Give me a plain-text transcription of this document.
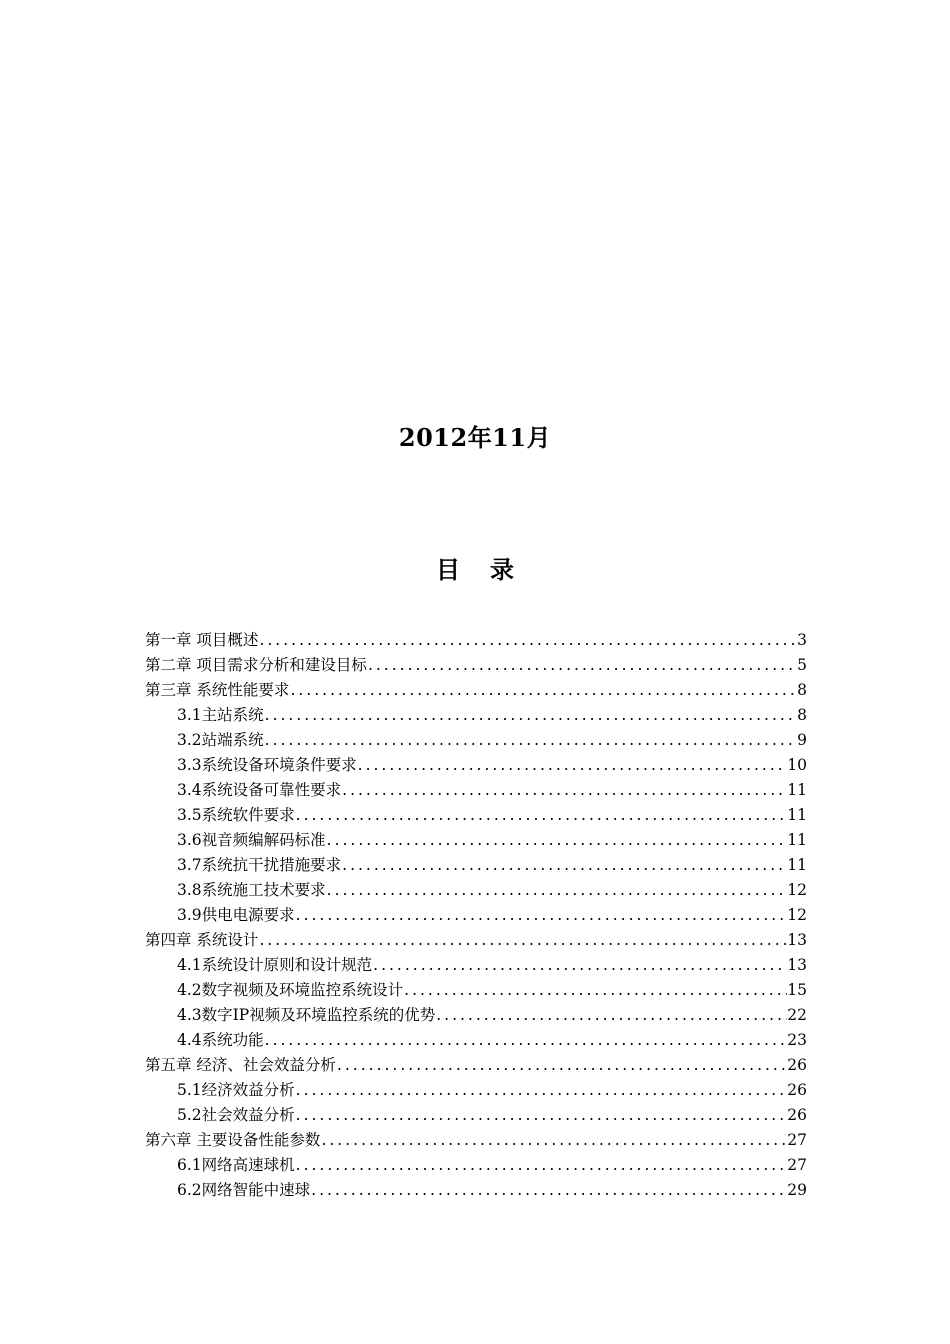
2012年11月
目 录
第一章 项目概述 .....	3
第二章 项目需求分析和建设目标 .....	5
第三章 系统性能要求 .....	8
3.1主站系统 .....	8
3.2站端系统 .....	9
3.3系统设备环境条件要求 .....	10
3.4系统设备可靠性要求 .....	11
3.5系统软件要求 .....	11
3.6视音频编解码标准 .....	11
3.7系统抗干扰措施要求 .....	11
3.8系统施工技术要求 .....	12
3.9供电电源要求 .....	12
第四章 系统设计 .....	13
4.1系统设计原则和设计规范 .....	13
4.2数字视频及环境监控系统设计 .....	15
4.3数字IP视频及环境监控系统的优势 .....	22
4.4系统功能 .....	23
第五章 经济、社会效益分析 .....	26
5.1经济效益分析 .....	26
5.2社会效益分析 .....	26
第六章 主要设备性能参数 .....	27
6.1网络高速球机 .....	27
6.2网络智能中速球 .....	29
